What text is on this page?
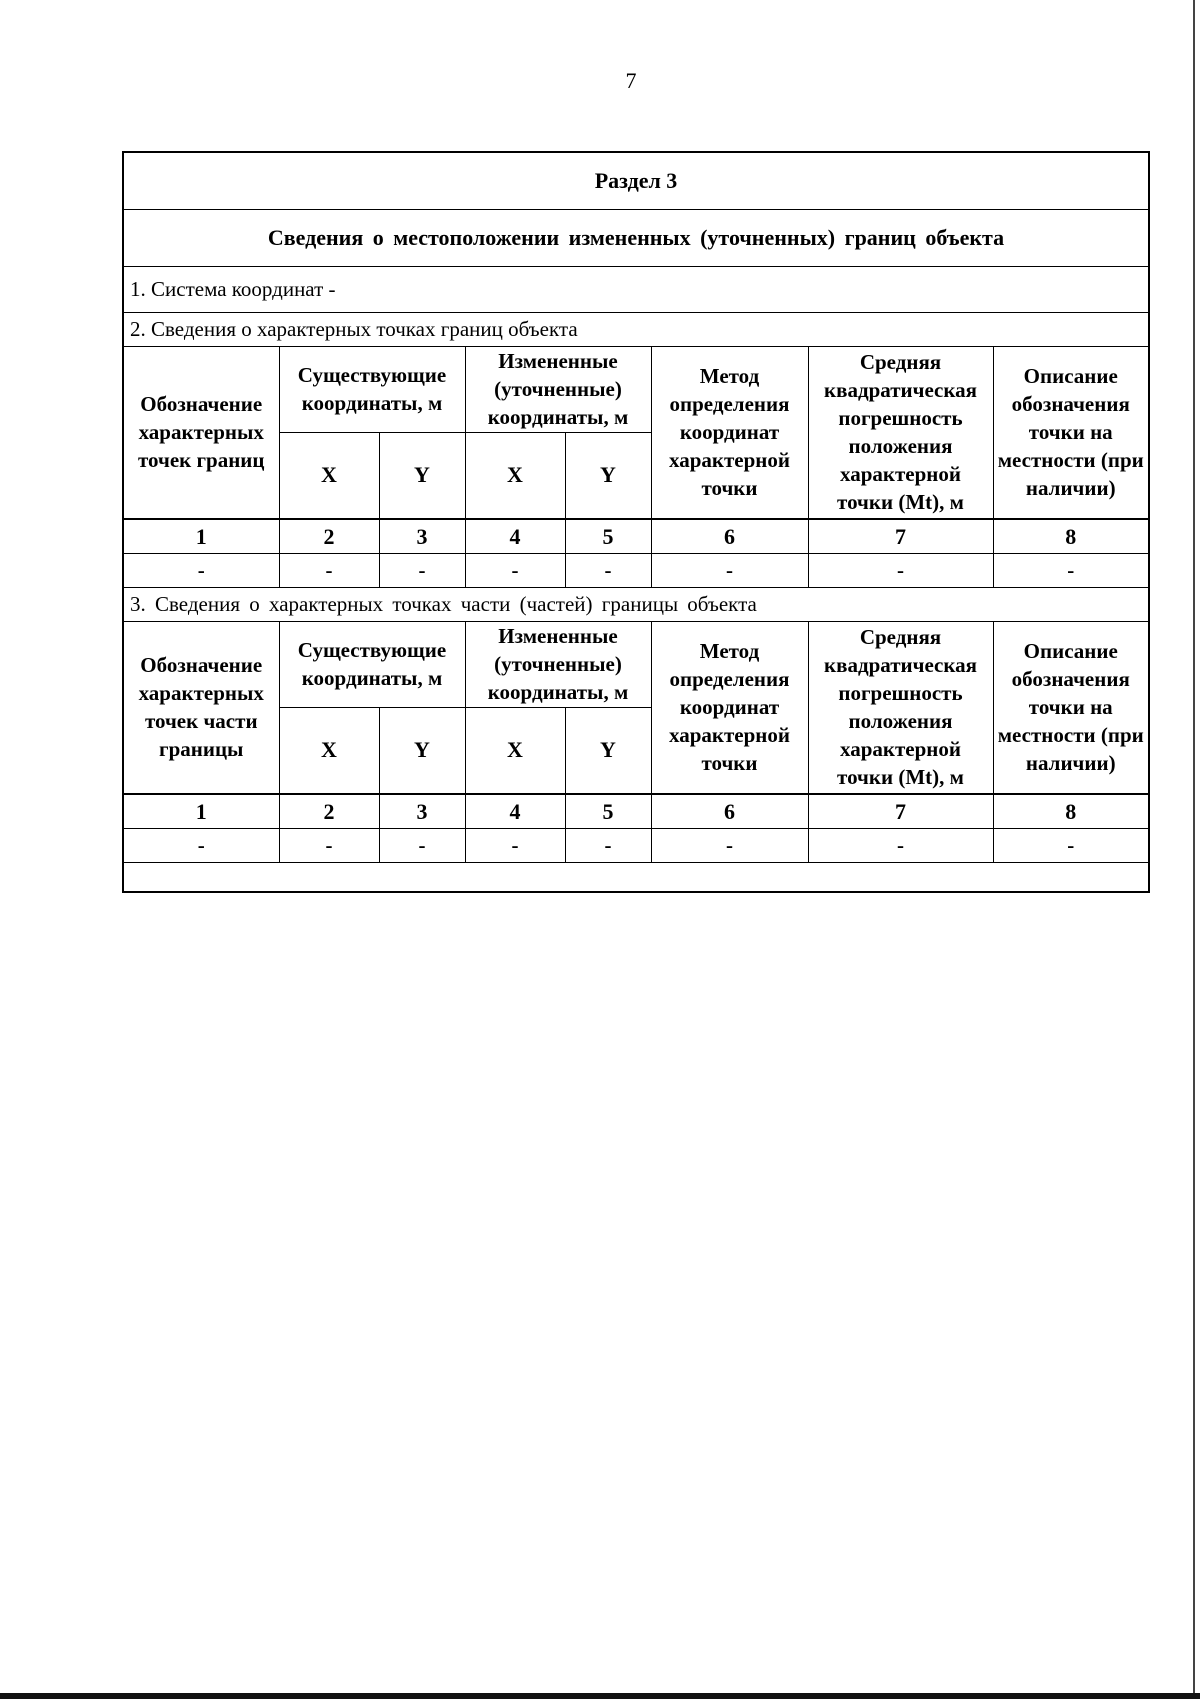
7
Раздел 3							
Сведения о местоположении измененных (уточненных) границ объекта							
1. Система координат -							
2. Сведения о характерных точках границ объекта							
Обозначение характерных точек границ	Существующие координаты, м		Измененные (уточненные) координаты, м		Метод определения координат характерной точки	Средняя квадратическая погрешность положения характерной точки (Mt), м	Описание обозначения точки на местности (при наличии)
	X	Y	X	Y			
1	2	3	4	5	6	7	8
-	-	-	-	-	-	-	-
3. Сведения о характерных точках части (частей) границы объекта							
Обозначение характерных точек части границы	Существующие координаты, м		Измененные (уточненные) координаты, м		Метод определения координат характерной точки	Средняя квадратическая погрешность положения характерной точки (Mt), м	Описание обозначения точки на местности (при наличии)
	X	Y	X	Y			
1	2	3	4	5	6	7	8
-	-	-	-	-	-	-	-
